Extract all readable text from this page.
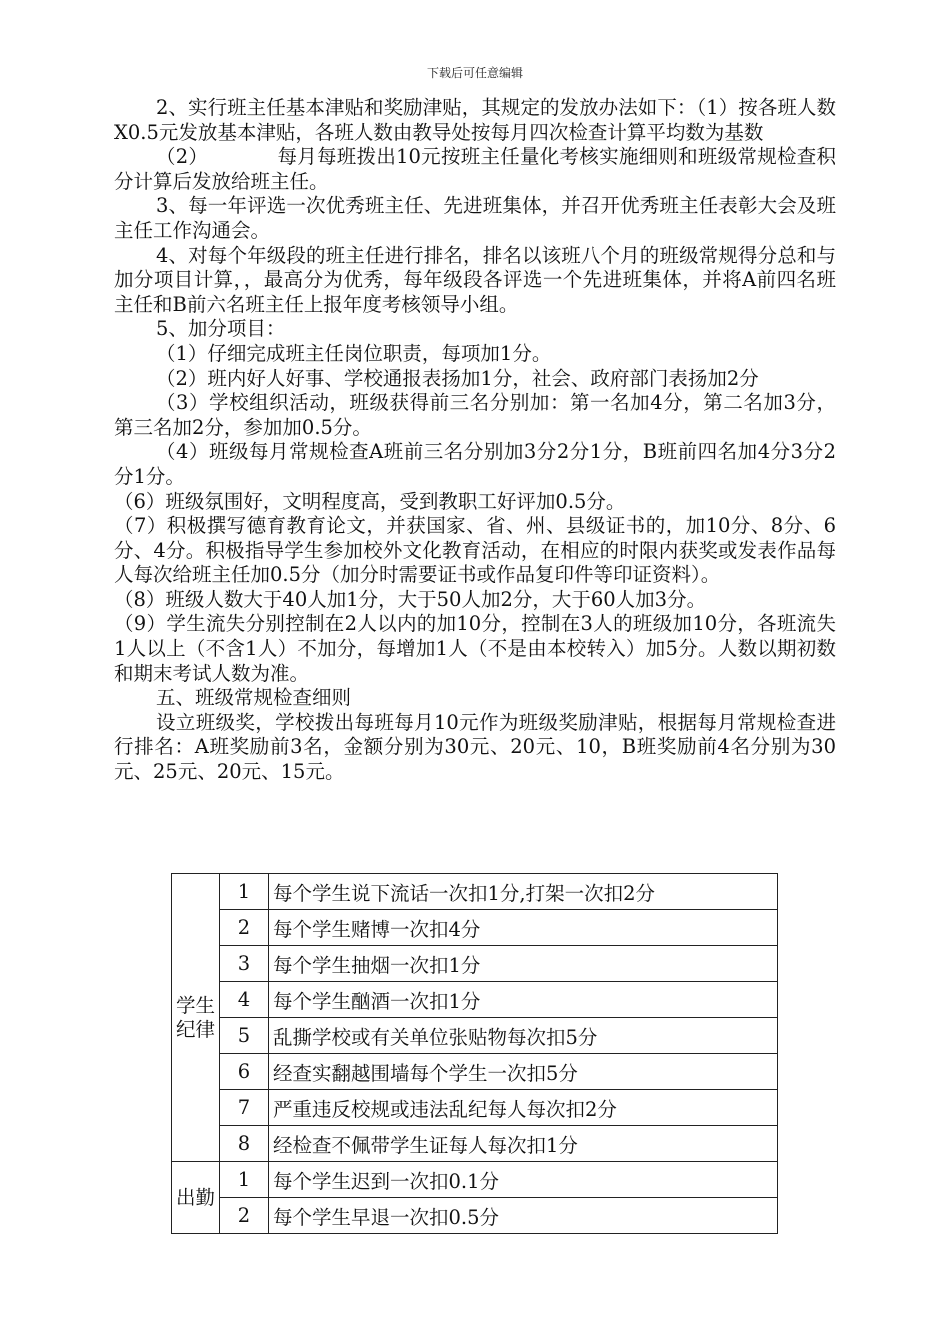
下载后可任意编辑

2、实行班主任基本津贴和奖励津贴，其规定的发放办法如下：（1）按各班人数X0.5元发放基本津贴，各班人数由教导处按每月四次检查计算平均数为基数

（2）　　　　每月每班拨出10元按班主任量化考核实施细则和班级常规检查积分计算后发放给班主任。

3、每一年评选一次优秀班主任、先进班集体，并召开优秀班主任表彰大会及班主任工作沟通会。

4、对每个年级段的班主任进行排名，排名以该班八个月的班级常规得分总和与加分项目计算，，最高分为优秀，每年级段各评选一个先进班集体，并将A前四名班主任和B前六名班主任上报年度考核领导小组。

5、加分项目：

（1）仔细完成班主任岗位职责，每项加1分。

（2）班内好人好事、学校通报表扬加1分，社会、政府部门表扬加2分

（3）学校组织活动，班级获得前三名分别加：第一名加4分，第二名加3分，第三名加2分，参加加0.5分。

（4）班级每月常规检查A班前三名分别加3分2分1分，B班前四名加4分3分2分1分。

（6）班级氛围好，文明程度高，受到教职工好评加0.5分。

（7）积极撰写德育教育论文，并获国家、省、州、县级证书的，加10分、8分、6分、4分。积极指导学生参加校外文化教育活动，在相应的时限内获奖或发表作品每人每次给班主任加0.5分（加分时需要证书或作品复印件等印证资料）。

（8）班级人数大于40人加1分，大于50人加2分，大于60人加3分。

（9）学生流失分别控制在2人以内的加10分，控制在3人的班级加10分，各班流失1人以上（不含1人）不加分，每增加1人（不是由本校转入）加5分。人数以期初数和期末考试人数为准。

五、班级常规检查细则

设立班级奖，学校拨出每班每月10元作为班级奖励津贴，根据每月常规检查进行排名：A班奖励前3名，金额分别为30元、20元、10，B班奖励前4名分别为30元、25元、20元、15元。

学生纪律	1	每个学生说下流话一次扣1分,打架一次扣2分
	2	每个学生赌博一次扣4分
	3	每个学生抽烟一次扣1分
	4	每个学生酗酒一次扣1分
	5	乱撕学校或有关单位张贴物每次扣5分
	6	经查实翻越围墙每个学生一次扣5分
	7	严重违反校规或违法乱纪每人每次扣2分
	8	经检查不佩带学生证每人每次扣1分
出勤	1	每个学生迟到一次扣0.1分
	2	每个学生早退一次扣0.5分
